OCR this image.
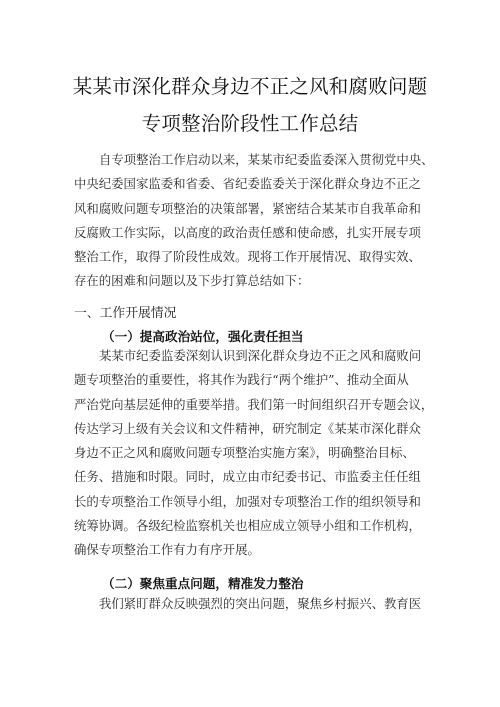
某某市深化群众身边不正之风和腐败问题
专项整治阶段性工作总结
自专项整治工作启动以来，某某市纪委监委深入贯彻党中央、
中央纪委国家监委和省委、省纪委监委关于深化群众身边不正之
风和腐败问题专项整治的决策部署，紧密结合某某市自我革命和
反腐败工作实际，以高度的政治责任感和使命感，扎实开展专项
整治工作，取得了阶段性成效。现将工作开展情况、取得实效、
存在的困难和问题以及下步打算总结如下：
一、工作开展情况
（一）提高政治站位，强化责任担当
某某市纪委监委深刻认识到深化群众身边不正之风和腐败问
题专项整治的重要性，将其作为践行“两个维护”、推动全面从
严治党向基层延伸的重要举措。我们第一时间组织召开专题会议，
传达学习上级有关会议和文件精神，研究制定《某某市深化群众
身边不正之风和腐败问题专项整治实施方案》，明确整治目标、
任务、措施和时限。同时，成立由市纪委书记、市监委主任任组
长的专项整治工作领导小组，加强对专项整治工作的组织领导和
统筹协调。各级纪检监察机关也相应成立领导小组和工作机构，
确保专项整治工作有力有序开展。
（二）聚焦重点问题，精准发力整治
我们紧盯群众反映强烈的突出问题，聚焦乡村振兴、教育医
